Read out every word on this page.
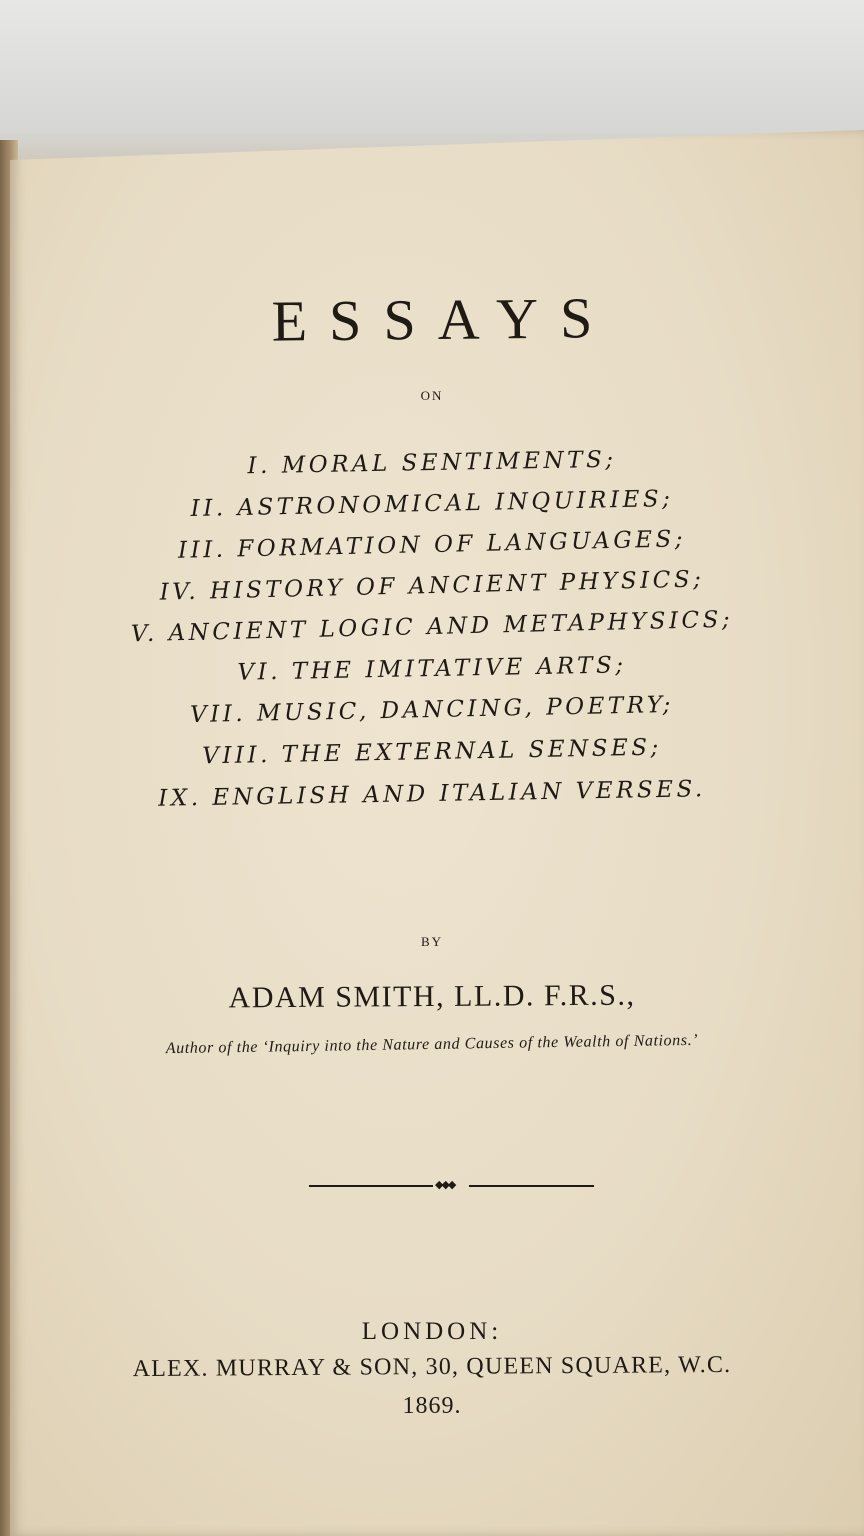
ESSAYS
ON
I. MORAL SENTIMENTS;
II. ASTRONOMICAL INQUIRIES;
III. FORMATION OF LANGUAGES;
IV. HISTORY OF ANCIENT PHYSICS;
V. ANCIENT LOGIC AND METAPHYSICS;
VI. THE IMITATIVE ARTS;
VII. MUSIC, DANCING, POETRY;
VIII. THE EXTERNAL SENSES;
IX. ENGLISH AND ITALIAN VERSES.
BY
ADAM SMITH, LL.D. F.R.S.,
Author of the ‘Inquiry into the Nature and Causes of the Wealth of Nations.’
◆◆◆
LONDON:
ALEX. MURRAY & SON, 30, QUEEN SQUARE, W.C.
1869.
